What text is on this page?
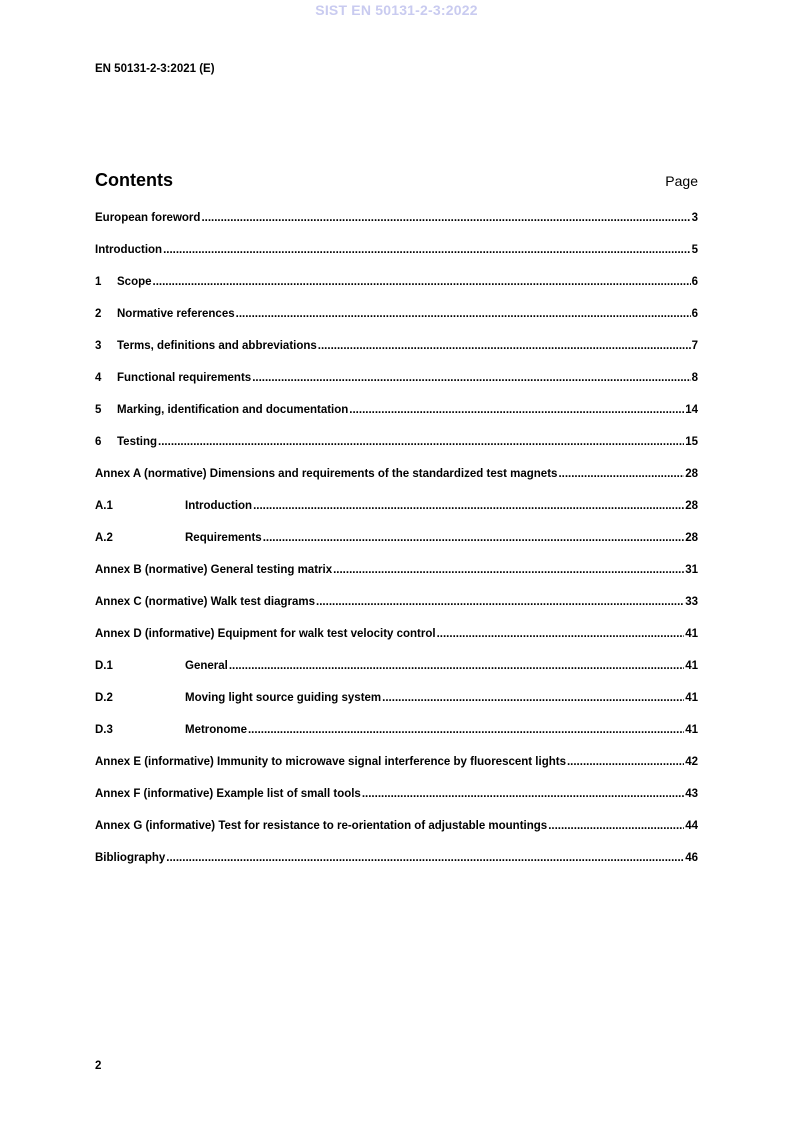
SIST EN 50131-2-3:2022
EN 50131-2-3:2021 (E)
Contents	Page
European foreword .....	3
Introduction .....	5
1	Scope .....	6
2	Normative references .....	6
3	Terms, definitions and abbreviations .....	7
4	Functional requirements .....	8
5	Marking, identification and documentation .....	14
6	Testing .....	15
Annex A (normative) Dimensions and requirements of the standardized test magnets .....	28
A.1	Introduction .....	28
A.2	Requirements .....	28
Annex B (normative) General testing matrix .....	31
Annex C (normative) Walk test diagrams .....	33
Annex D (informative) Equipment for walk test velocity control .....	41
D.1	General .....	41
D.2	Moving light source guiding system .....	41
D.3	Metronome .....	41
Annex E (informative) Immunity to microwave signal interference by fluorescent lights .....	42
Annex F (informative) Example list of small tools .....	43
Annex G (informative) Test for resistance to re-orientation of adjustable mountings .....	44
Bibliography .....	46
2
